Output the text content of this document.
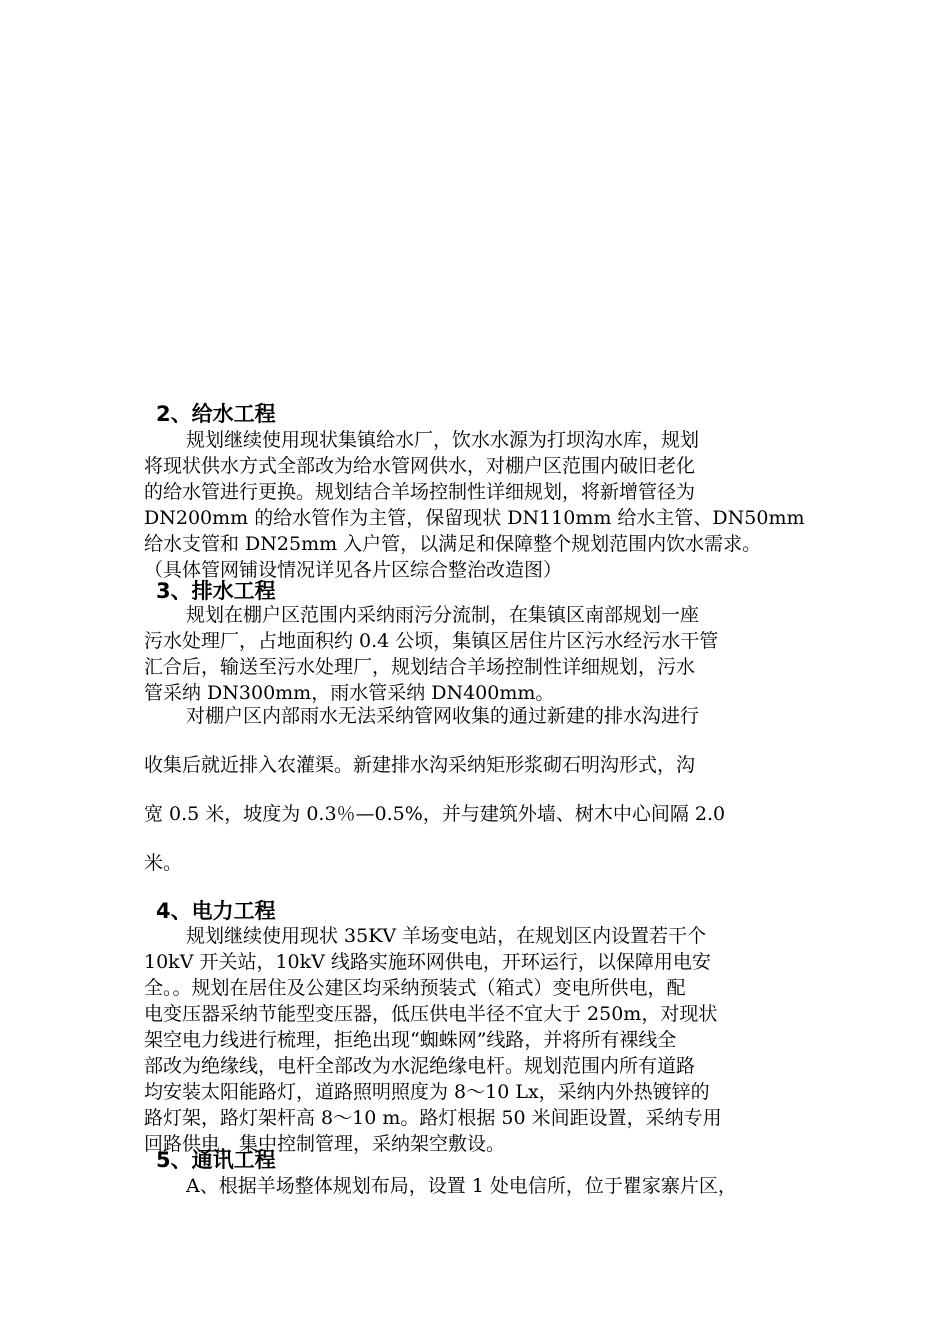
2、给水工程
规划继续使用现状集镇给水厂，饮水水源为打坝沟水库，规划
将现状供水方式全部改为给水管网供水，对棚户区范围内破旧老化
的给水管进行更换。规划结合羊场控制性详细规划，将新增管径为
DN200mm 的给水管作为主管，保留现状 DN110mm 给水主管、DN50mm
给水支管和 DN25mm 入户管，以满足和保障整个规划范围内饮水需求。
（具体管网铺设情况详见各片区综合整治改造图）
3、排水工程
规划在棚户区范围内采纳雨污分流制，在集镇区南部规划一座
污水处理厂，占地面积约 0.4 公顷，集镇区居住片区污水经污水干管
汇合后，输送至污水处理厂，规划结合羊场控制性详细规划，污水
管采纳 DN300mm，雨水管采纳 DN400mm。
对棚户区内部雨水无法采纳管网收集的通过新建的排水沟进行
收集后就近排入农灌渠。新建排水沟采纳矩形浆砌石明沟形式，沟
宽 0.5 米，坡度为 0.3％—0.5%，并与建筑外墙、树木中心间隔 2.0
米。
4、电力工程
规划继续使用现状 35KV 羊场变电站，在规划区内设置若干个
10kV 开关站，10kV 线路实施环网供电，开环运行，以保障用电安
全。。规划在居住及公建区均采纳预装式（箱式）变电所供电，配
电变压器采纳节能型变压器，低压供电半径不宜大于 250m，对现状
架空电力线进行梳理，拒绝出现“蜘蛛网”线路，并将所有裸线全
部改为绝缘线，电杆全部改为水泥绝缘电杆。规划范围内所有道路
均安装太阳能路灯，道路照明照度为 8～10 Lx，采纳内外热镀锌的
路灯架，路灯架杆高 8～10 m。路灯根据 50 米间距设置，采纳专用
回路供电，集中控制管理，采纳架空敷设。
5、通讯工程
A、根据羊场整体规划布局，设置 1 处电信所，位于瞿家寨片区，
